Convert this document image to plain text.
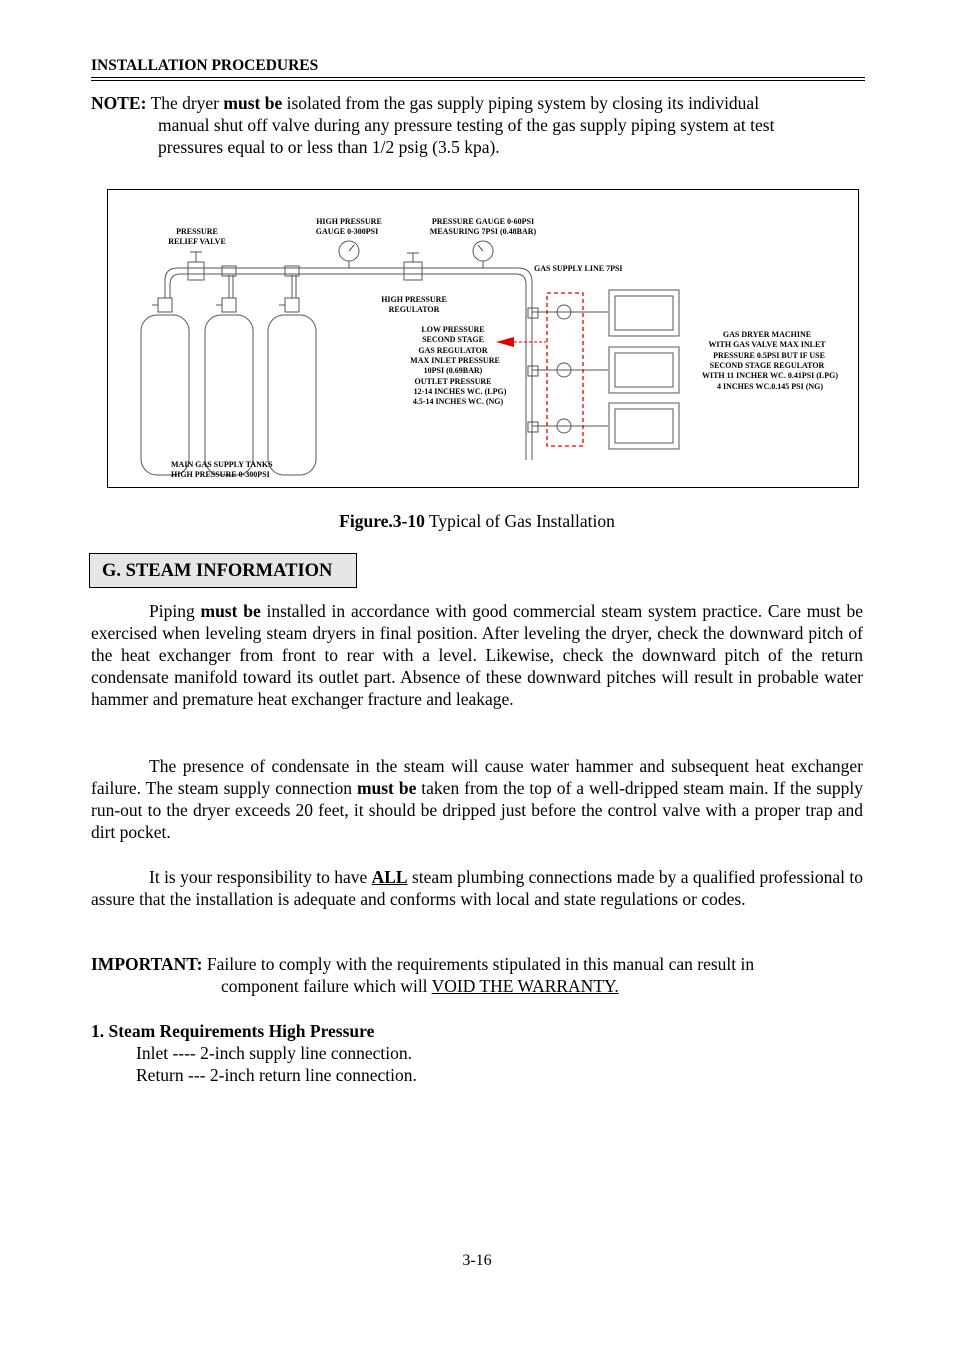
INSTALLATION PROCEDURES
NOTE: The dryer must be isolated from the gas supply piping system by closing its individual
manual shut off valve during any pressure testing of the gas supply piping system at test
pressures equal to or less than 1/2 psig (3.5 kpa).
PRESSURE
RELIEF VALVE
HIGH PRESSURE
GAUGE 0-300PSI
PRESSURE GAUGE 0-60PSI
MEASURING 7PSI (0.48BAR)
HIGH PRESSURE
REGULATOR
LOW PRESSURE
SECOND STAGE
GAS REGULATOR
MAX INLET PRESSURE
10PSI (0.69BAR)
OUTLET PRESSURE
12-14 INCHES WC. (LPG)
4.5-14 INCHES WC. (NG)
GAS DRYER MACHINE
WITH GAS VALVE MAX INLET
PRESSURE 0.5PSI BUT IF USE
SECOND STAGE REGULATOR
WITH 11 INCHER WC. 0.41PSI (LPG)
4 INCHES WC.0.145 PSI (NG)
GAS SUPPLY LINE 7PSI
MAIN GAS SUPPLY TANKS
HIGH PRESSURE 0-300PSI
Figure.3-10 Typical of Gas Installation
G. STEAM INFORMATION
Piping must be installed in accordance with good commercial steam system practice. Care must be exercised when leveling steam dryers in final position. After leveling the dryer, check the downward pitch of the heat exchanger from front to rear with a level. Likewise, check the downward pitch of the return condensate manifold toward its outlet part. Absence of these downward pitches will result in probable water hammer and premature heat exchanger fracture and leakage.
The presence of condensate in the steam will cause water hammer and subsequent heat exchanger failure. The steam supply connection must be taken from the top of a well-dripped steam main. If the supply run-out to the dryer exceeds 20 feet, it should be dripped just before the control valve with a proper trap and dirt pocket.
It is your responsibility to have ALL steam plumbing connections made by a qualified professional to assure that the installation is adequate and conforms with local and state regulations or codes.
IMPORTANT: Failure to comply with the requirements stipulated in this manual can result in
component failure which will VOID THE WARRANTY.
1. Steam Requirements High Pressure
Inlet ---- 2-inch supply line connection.
Return --- 2-inch return line connection.
3-16
